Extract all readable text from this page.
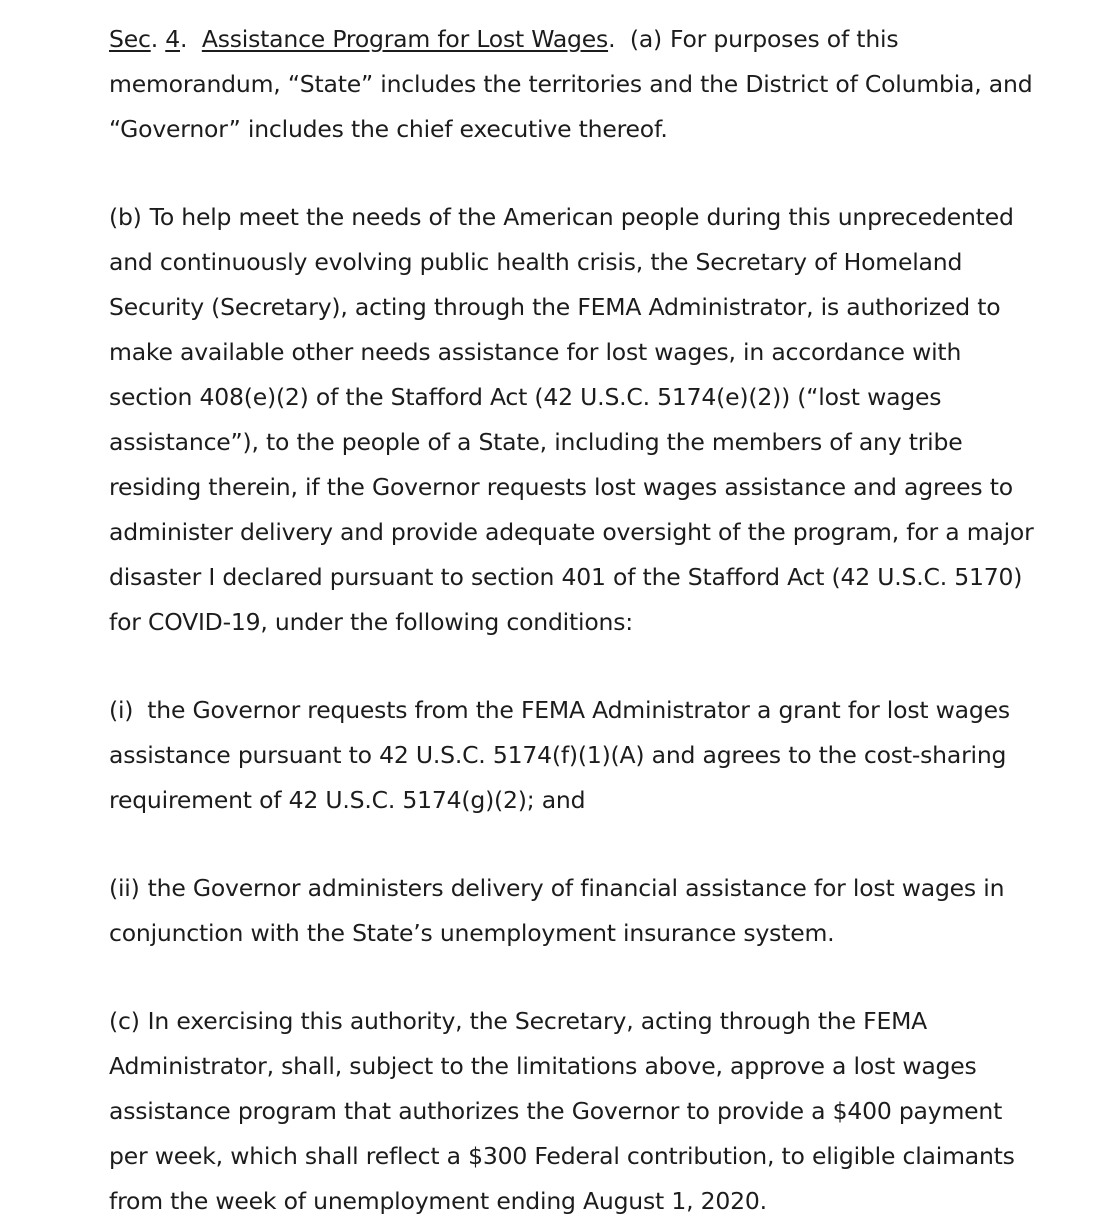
Sec. 4.  Assistance Program for Lost Wages.  (a) For purposes of this memorandum, “State” includes the territories and the District of Columbia, and “Governor” includes the chief executive thereof.

(b) To help meet the needs of the American people during this unprecedented and continuously evolving public health crisis, the Secretary of Homeland Security (Secretary), acting through the FEMA Administrator, is authorized to make available other needs assistance for lost wages, in accordance with section 408(e)(2) of the Stafford Act (42 U.S.C. 5174(e)(2)) (“lost wages assistance”), to the people of a State, including the members of any tribe residing therein, if the Governor requests lost wages assistance and agrees to administer delivery and provide adequate oversight of the program, for a major disaster I declared pursuant to section 401 of the Stafford Act (42 U.S.C. 5170) for COVID-19, under the following conditions:

(i) the Governor requests from the FEMA Administrator a grant for lost wages assistance pursuant to 42 U.S.C. 5174(f)(1)(A) and agrees to the cost-sharing requirement of 42 U.S.C. 5174(g)(2); and

(ii) the Governor administers delivery of financial assistance for lost wages in conjunction with the State’s unemployment insurance system.

(c) In exercising this authority, the Secretary, acting through the FEMA Administrator, shall, subject to the limitations above, approve a lost wages assistance program that authorizes the Governor to provide a $400 payment per week, which shall reflect a $300 Federal contribution, to eligible claimants from the week of unemployment ending August 1, 2020.
